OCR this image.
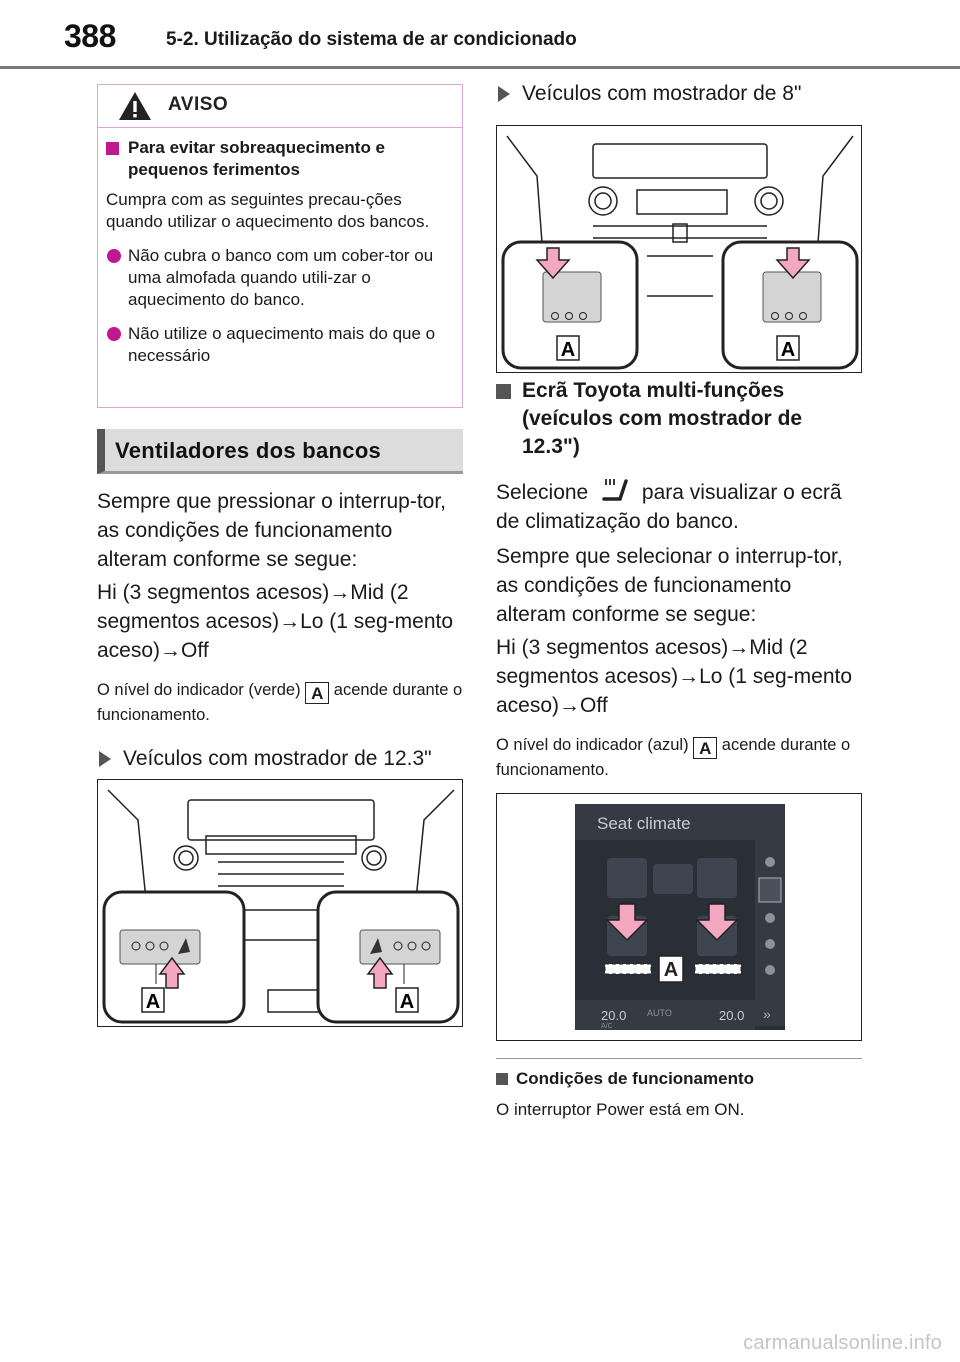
388	5-2. Utilização do sistema de ar condicionado
AVISO
Para evitar sobreaquecimento e pequenos ferimentos
Cumpra com as seguintes precau-ções quando utilizar o aquecimento dos bancos.
Não cubra o banco com um cober-tor ou uma almofada quando utili-zar o aquecimento do banco.
Não utilize o aquecimento mais do que o necessário
Ventiladores dos bancos
Sempre que pressionar o interrup-tor, as condições de funcionamento alteram conforme se segue:
Hi (3 segmentos acesos)→Mid (2 segmentos acesos)→Lo (1 seg-mento aceso)→Off
O nível do indicador (verde) A acende durante o funcionamento.
Veículos com mostrador de 12.3"
A	A
Veículos com mostrador de 8"
A	A
Ecrã Toyota multi-funções (veículos com mostrador de 12.3")
Selecione	para visualizar o ecrã de climatização do banco.
Sempre que selecionar o interrup-tor, as condições de funcionamento alteram conforme se segue:
Hi (3 segmentos acesos)→Mid (2 segmentos acesos)→Lo (1 seg-mento aceso)→Off
O nível do indicador (azul) A acende durante o funcionamento.
Seat climate
»
A
20.0 AUTO
A/C
20.0
Condições de funcionamento
O interruptor Power está em ON.
carmanualsonline.info
